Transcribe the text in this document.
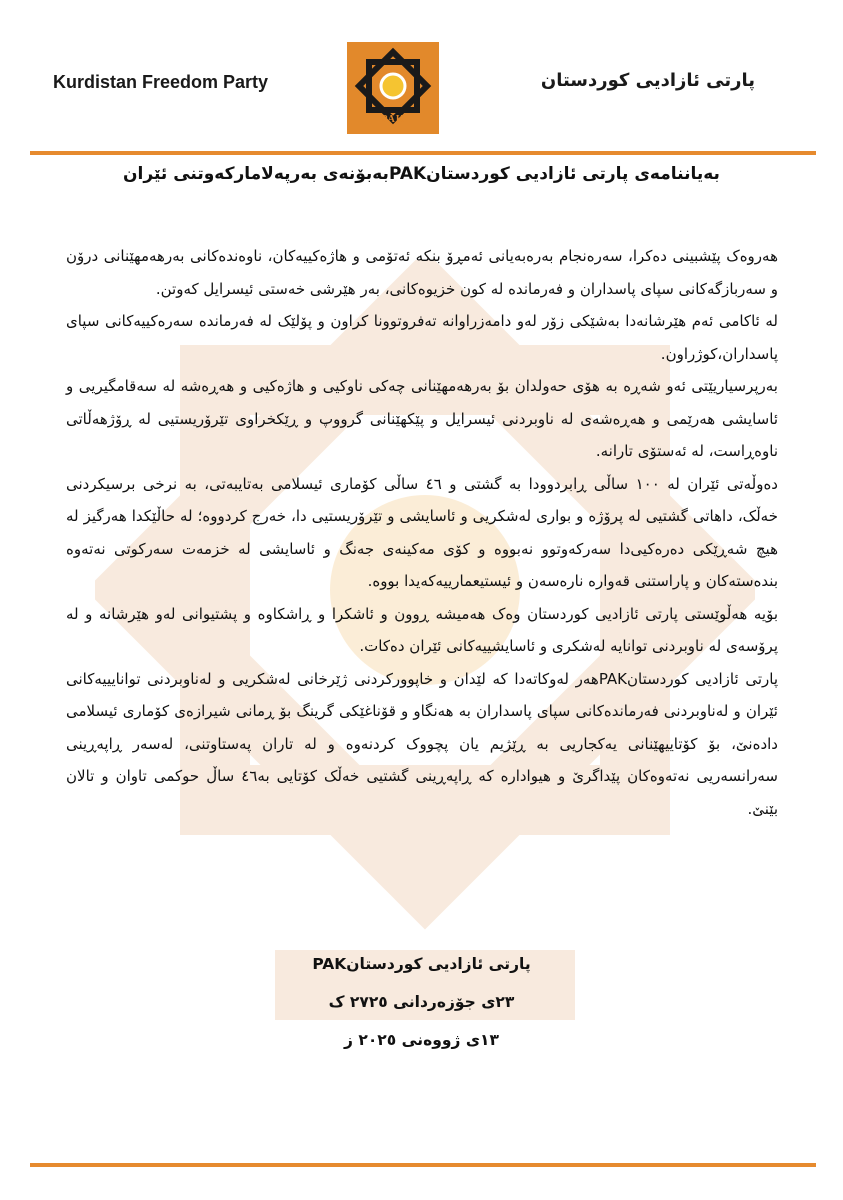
Kurdistan Freedom Party
PAK
پارتی ئازادیی کوردستان
بەیاننامەی پارتی ئازادیی کوردستانPAKبەبۆنەی بەرپەلامارکەوتنی ئێران

هەروەک پێشبینی دەکرا، سەرەنجام بەرەبەیانی ئەمڕۆ بنکە ئەتۆمی و هاژەکییەکان، ناوەندەکانی بەرهەمهێنانی درۆن و سەربازگەکانی سپای پاسداران و فەرماندە لە کون خزیوەکانی، بەر هێرشی خەستی ئیسرایل کەوتن.

لە ئاکامی ئەم هێرشانەدا بەشێکی زۆر لەو دامەزراوانە تەفروتوونا کراون و پۆلێک لە فەرماندە سەرەکییەکانی سپای پاسداران،کوژراون.

بەرپرسیاریێتی ئەو شەڕە بە هۆی حەولدان بۆ بەرهەمهێنانی چەکی ناوکیی و هاژەکیی و هەڕەشە لە سەقامگیریی و ئاسایشی هەرێمی و هەڕەشەی لە ناوبردنی ئیسرایل و پێکهێنانی گرووپ و ڕێکخراوی تێرۆریستیی لە ڕۆژهەڵاتی ناوەڕاست، لە ئەستۆی تارانە.

دەوڵەتی ئێران لە ١٠٠ ساڵی ڕابردوودا بە گشتی و ٤٦ ساڵی کۆماری ئیسلامی بەتایبەتی، بە نرخی برسیکردنی خەڵک، داهاتی گشتیی لە پرۆژە و بواری لەشکریی و ئاسایشی و تێرۆریستیی دا، خەرج کردووە؛ لە حاڵێکدا هەرگیز لە هیچ شەڕێکی دەرەکیی‌دا سەرکەوتوو نەبووە و کۆی مەکینەی جەنگ و ئاسایشی لە خزمەت سەرکوتی نەتەوە بندەستەکان و پاراستنی قەوارە نارەسەن و ئیستیعمارییەکەیدا بووە.

بۆیە هەڵوێستی پارتی ئازادیی کوردستان وەک هەمیشە ڕوون و ئاشکرا و ڕاشکاوە و پشتیوانی لەو هێرشانە و لە پرۆسەی لە ناوبردنی توانایە لەشکری و ئاسایشییەکانی ئێران دەکات.

پارتی ئازادیی کوردستانPAKهەر لەوکاتەدا کە لێدان و خاپوورکردنی ژێرخانی لەشکریی و لەناوبردنی توانایییەکانی ئێران و لەناوبردنی فەرماندەکانی سپای پاسداران بە هەنگاو و قۆناغێکی گرینگ بۆ ڕمانی شیرازەی کۆماری ئیسلامی دادەنێ، بۆ کۆتاییهێنانی یەکجاریی بە ڕێژیم یان پچووک کردنەوە و لە تاران پەستاوتنی، لەسەر ڕاپەڕینی سەرانسەریی نەتەوەکان پێداگرێ و هیواداره کە ڕاپەڕینی گشتیی خەڵک کۆتایی بە٤٦ ساڵ حوکمی تاوان و تالان بێنێ.

پارتی ئازادیی کوردستانPAK
٢٣ی جۆزەردانی ٢٧٢٥ ک
١٣ی ژووەنی ٢٠٢٥ ز
